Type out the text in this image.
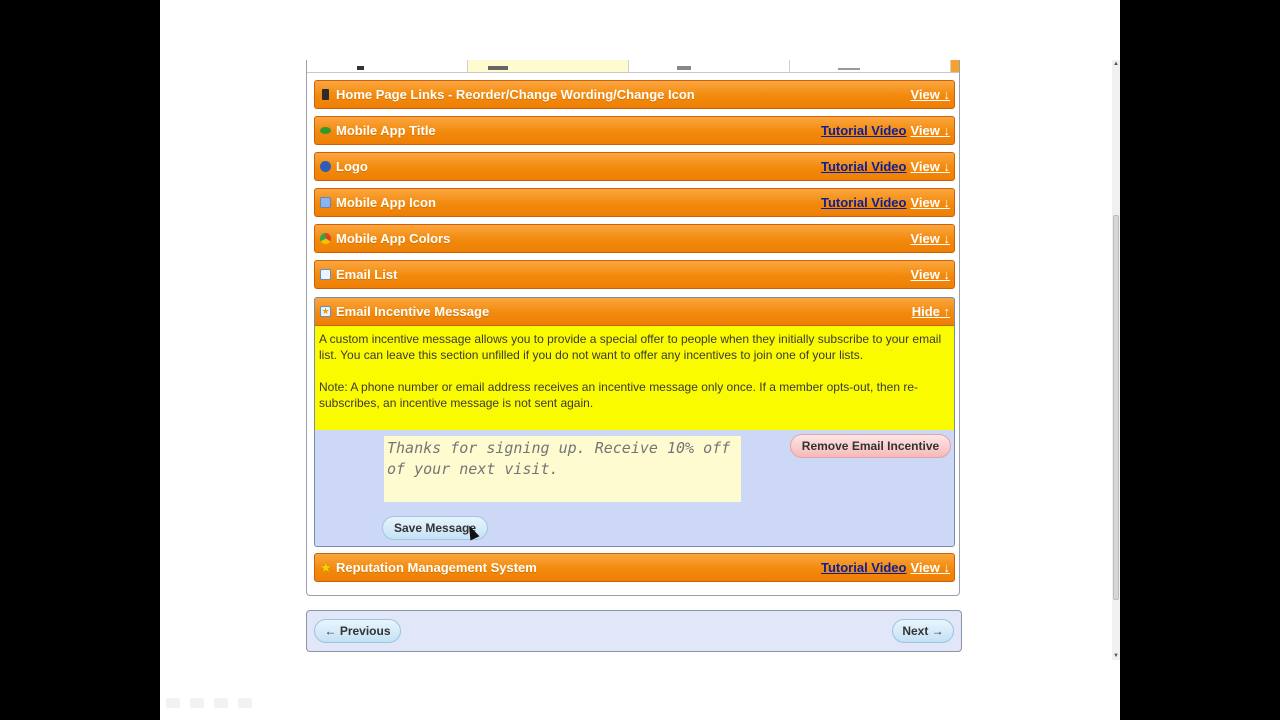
Home Page Links - Reorder/Change Wording/Change Icon	View ↓
Mobile App Title	Tutorial Video View ↓
Logo	Tutorial Video View ↓
Mobile App Icon	Tutorial Video View ↓
Mobile App Colors	View ↓
Email List	View ↓
★ Email Incentive Message	Hide ↑

A custom incentive message allows you to provide a special offer to people when they initially subscribe to your email list. You can leave this section unfilled if you do not want to offer any incentives to join one of your lists.

Note: A phone number or email address receives an incentive message only once. If a member opts-out, then re-subscribes, an incentive message is not sent again.

Thanks for signing up. Receive 10% off of your next visit.
Remove Email Incentive
Save Message
★ Reputation Management System	Tutorial Video View ↓
← Previous	Next →
▲
▼
